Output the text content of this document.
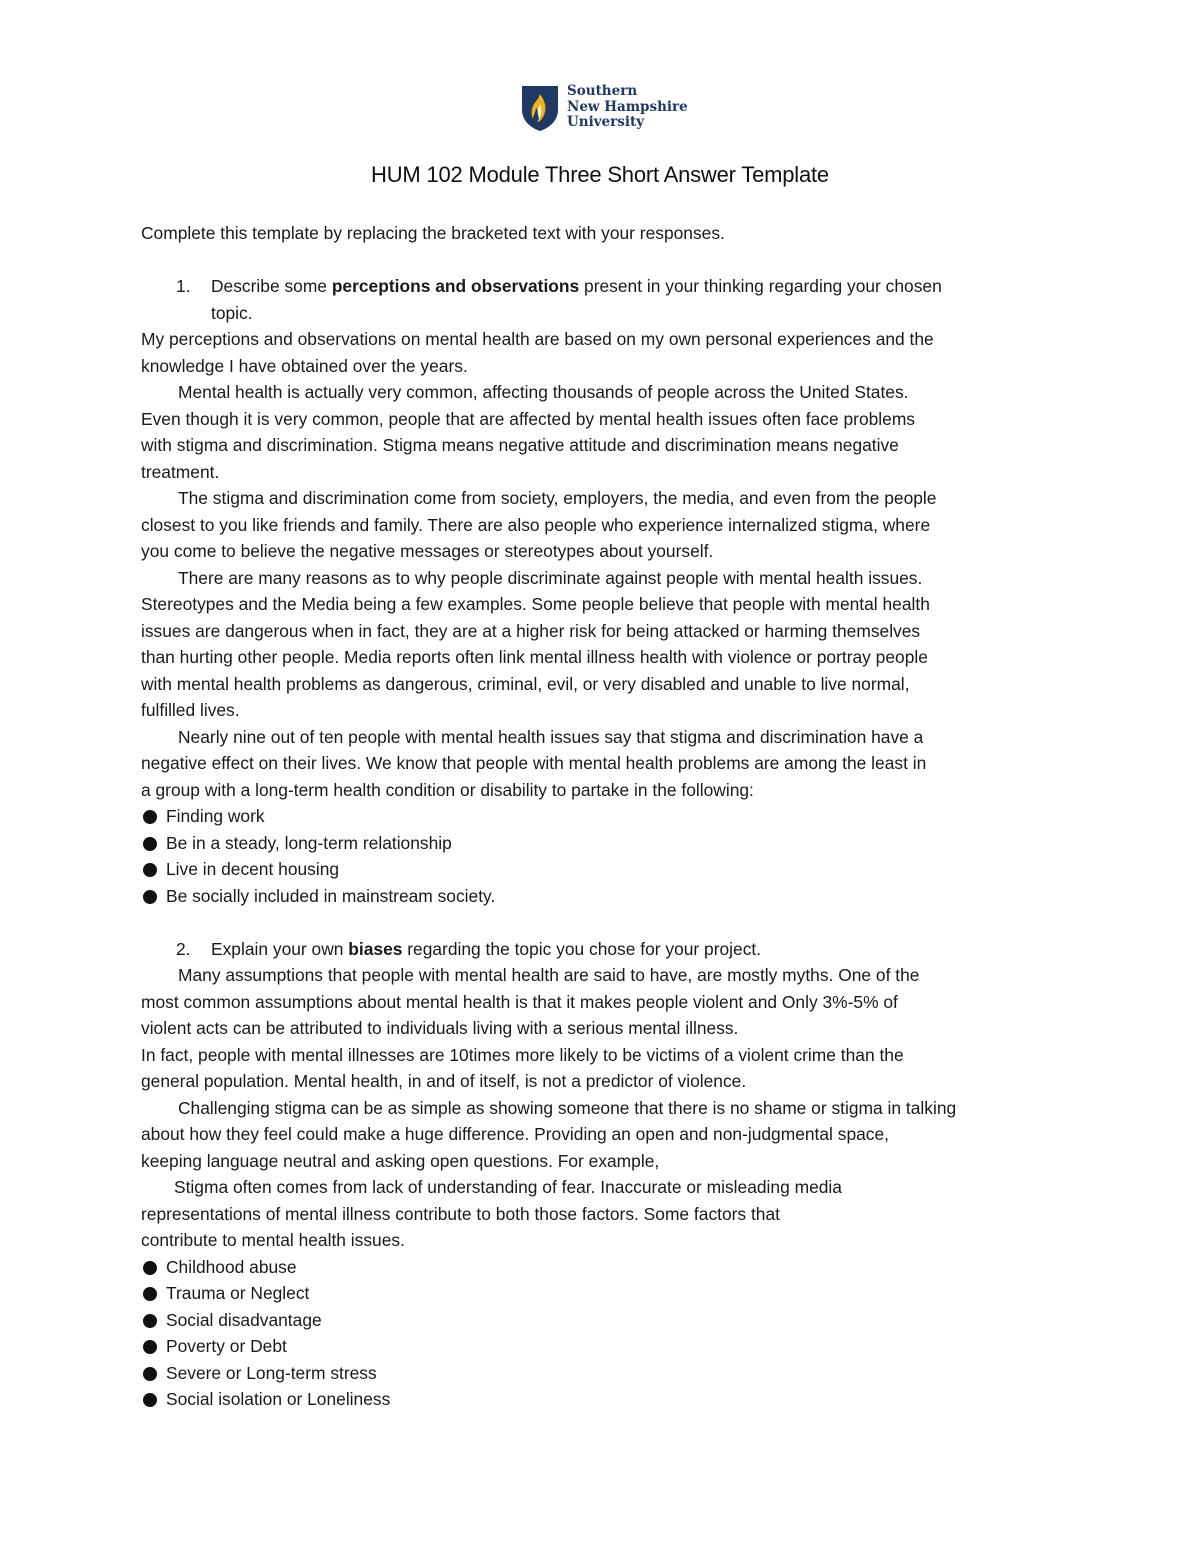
Southern
New Hampshire
University
HUM 102 Module Three Short Answer Template
Complete this template by replacing the bracketed text with your responses.
1. Describe some perceptions and observations present in your thinking regarding your chosen
topic.
My perceptions and observations on mental health are based on my own personal experiences and the
knowledge I have obtained over the years.
Mental health is actually very common, affecting thousands of people across the United States.
Even though it is very common, people that are affected by mental health issues often face problems
with stigma and discrimination. Stigma means negative attitude and discrimination means negative
treatment.
The stigma and discrimination come from society, employers, the media, and even from the people
closest to you like friends and family. There are also people who experience internalized stigma, where
you come to believe the negative messages or stereotypes about yourself.
There are many reasons as to why people discriminate against people with mental health issues.
Stereotypes and the Media being a few examples. Some people believe that people with mental health
issues are dangerous when in fact, they are at a higher risk for being attacked or harming themselves
than hurting other people. Media reports often link mental illness health with violence or portray people
with mental health problems as dangerous, criminal, evil, or very disabled and unable to live normal,
fulfilled lives.
Nearly nine out of ten people with mental health issues say that stigma and discrimination have a
negative effect on their lives. We know that people with mental health problems are among the least in
a group with a long-term health condition or disability to partake in the following:
Finding work
Be in a steady, long-term relationship
Live in decent housing
Be socially included in mainstream society.
2. Explain your own biases regarding the topic you chose for your project.
Many assumptions that people with mental health are said to have, are mostly myths. One of the
most common assumptions about mental health is that it makes people violent and Only 3%-5% of
violent acts can be attributed to individuals living with a serious mental illness.
In fact, people with mental illnesses are 10times more likely to be victims of a violent crime than the
general population. Mental health, in and of itself, is not a predictor of violence.
Challenging stigma can be as simple as showing someone that there is no shame or stigma in talking
about how they feel could make a huge difference. Providing an open and non-judgmental space,
keeping language neutral and asking open questions. For example,
Stigma often comes from lack of understanding of fear. Inaccurate or misleading media
representations of mental illness contribute to both those factors. Some factors that
contribute to mental health issues.
Childhood abuse
Trauma or Neglect
Social disadvantage
Poverty or Debt
Severe or Long-term stress
Social isolation or Loneliness
